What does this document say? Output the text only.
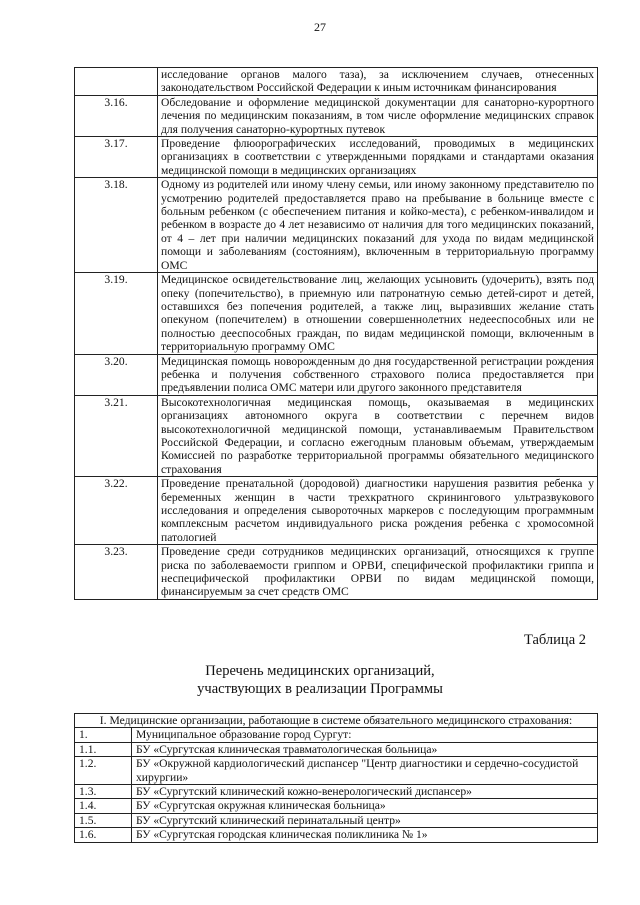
27
	исследование органов малого таза), за исключением случаев, отнесенных законодательством Российской Федерации к иным источникам финансирования
3.16.	Обследование и оформление медицинской документации для санаторно-курортного лечения по медицинским показаниям, в том числе оформление медицинских справок для получения санаторно-курортных путевок
3.17.	Проведение флюорографических исследований, проводимых в медицинских организациях в соответствии с утвержденными порядками и стандартами оказания медицинской помощи в медицинских организациях
3.18.	Одному из родителей или иному члену семьи, или иному законному представителю по усмотрению родителей предоставляется право на пребывание в больнице вместе с больным ребенком (с обеспечением питания и койко-места), с ребенком-инвалидом и ребенком в возрасте до 4 лет независимо от наличия для того медицинских показаний, от 4 – лет при наличии медицинских показаний для ухода по видам медицинской помощи и заболеваниям (состояниям), включенным в территориальную программу ОМС
3.19.	Медицинское освидетельствование лиц, желающих усыновить (удочерить), взять под опеку (попечительство), в приемную или патронатную семью детей-сирот и детей, оставшихся без попечения родителей, а также лиц, выразивших желание стать опекуном (попечителем) в отношении совершеннолетних недееспособных или не полностью дееспособных граждан, по видам медицинской помощи, включенным в территориальную программу ОМС
3.20.	Медицинская помощь новорожденным до дня государственной регистрации рождения ребенка и получения собственного страхового полиса предоставляется при предъявлении полиса ОМС матери или другого законного представителя
3.21.	Высокотехнологичная медицинская помощь, оказываемая в медицинских организациях автономного округа в соответствии с перечнем видов высокотехнологичной медицинской помощи, устанавливаемым Правительством Российской Федерации, и согласно ежегодным плановым объемам, утверждаемым Комиссией по разработке территориальной программы обязательного медицинского страхования
3.22.	Проведение пренатальной (дородовой) диагностики нарушения развития ребенка у беременных женщин в части трехкратного скринингового ультразвукового исследования и определения сывороточных маркеров с последующим программным комплексным расчетом индивидуального риска рождения ребенка с хромосомной патологией
3.23.	Проведение среди сотрудников медицинских организаций, относящихся к группе риска по заболеваемости гриппом и ОРВИ, специфической профилактики гриппа и неспецифической профилактики ОРВИ по видам медицинской помощи, финансируемым за счет средств ОМС
Таблица 2
Перечень медицинских организаций,
участвующих в реализации Программы
I. Медицинские организации, работающие в системе обязательного медицинского страхования:	
1.	Муниципальное образование город Сургут:
1.1.	БУ «Сургутская клиническая травматологическая больница»
1.2.	БУ «Окружной кардиологический диспансер "Центр диагностики и сердечно-сосудистой хирургии»
1.3.	БУ «Сургутский клинический кожно-венерологический диспансер»
1.4.	БУ «Сургутская окружная клиническая больница»
1.5.	БУ «Сургутский клинический перинатальный центр»
1.6.	БУ «Сургутская городская клиническая поликлиника № 1»
